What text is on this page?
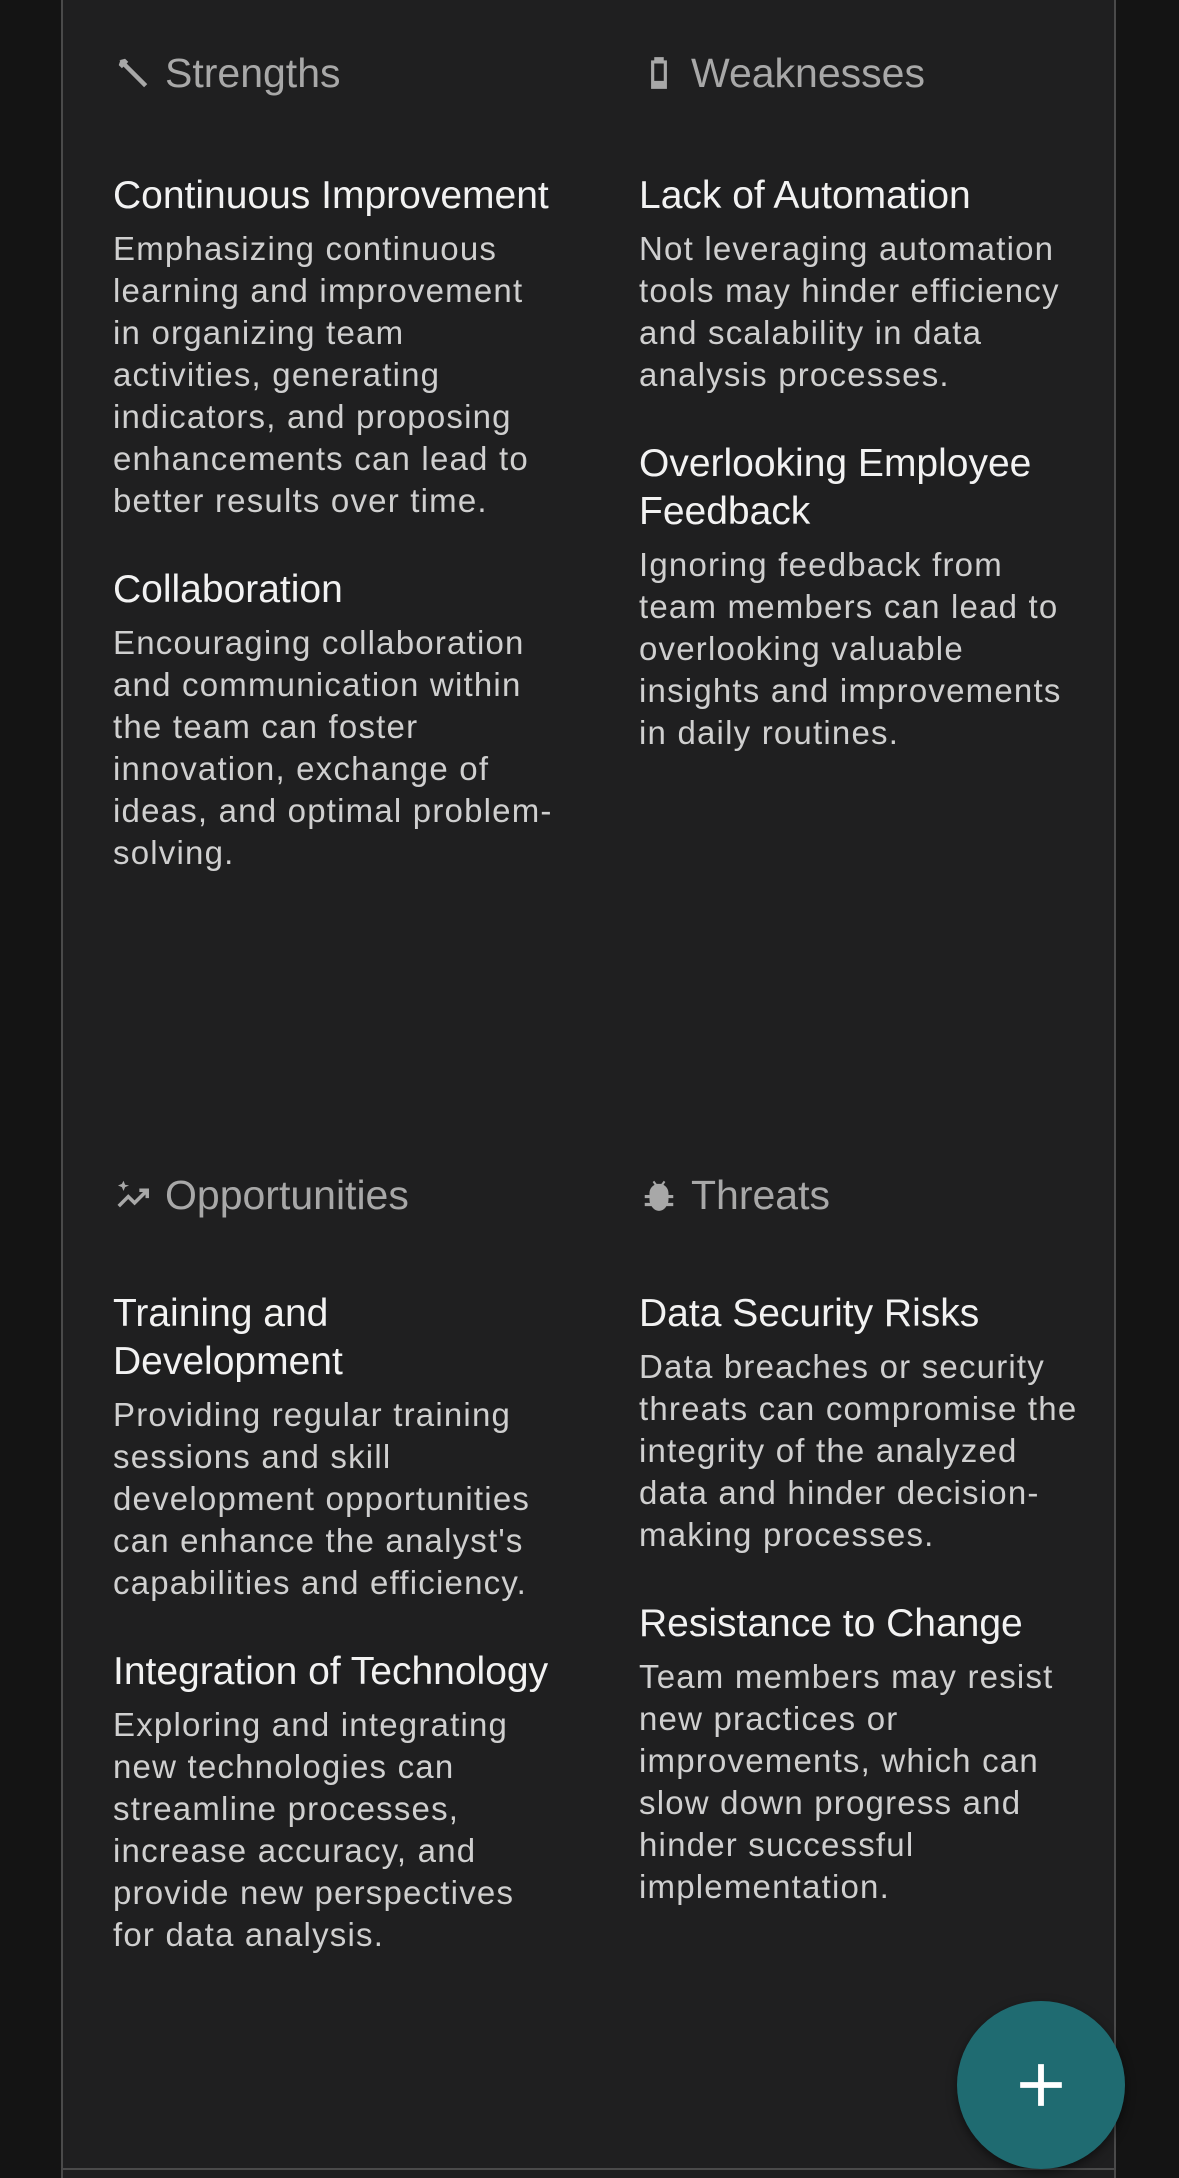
Strengths

Continuous Improvement

Emphasizing continuous learning and improvement in organizing team activities, generating indicators, and proposing enhancements can lead to better results over time.

Collaboration

Encouraging collaboration and communication within the team can foster innovation, exchange of ideas, and optimal problem-solving.

Weaknesses

Lack of Automation

Not leveraging automation tools may hinder efficiency and scalability in data analysis processes.

Overlooking Employee Feedback

Ignoring feedback from team members can lead to overlooking valuable insights and improvements in daily routines.

Opportunities

Training and Development

Providing regular training sessions and skill development opportunities can enhance the analyst's capabilities and efficiency.

Integration of Technology

Exploring and integrating new technologies can streamline processes, increase accuracy, and provide new perspectives for data analysis.

Threats

Data Security Risks

Data breaches or security threats can compromise the integrity of the analyzed data and hinder decision-making processes.

Resistance to Change

Team members may resist new practices or improvements, which can slow down progress and hinder successful implementation.
